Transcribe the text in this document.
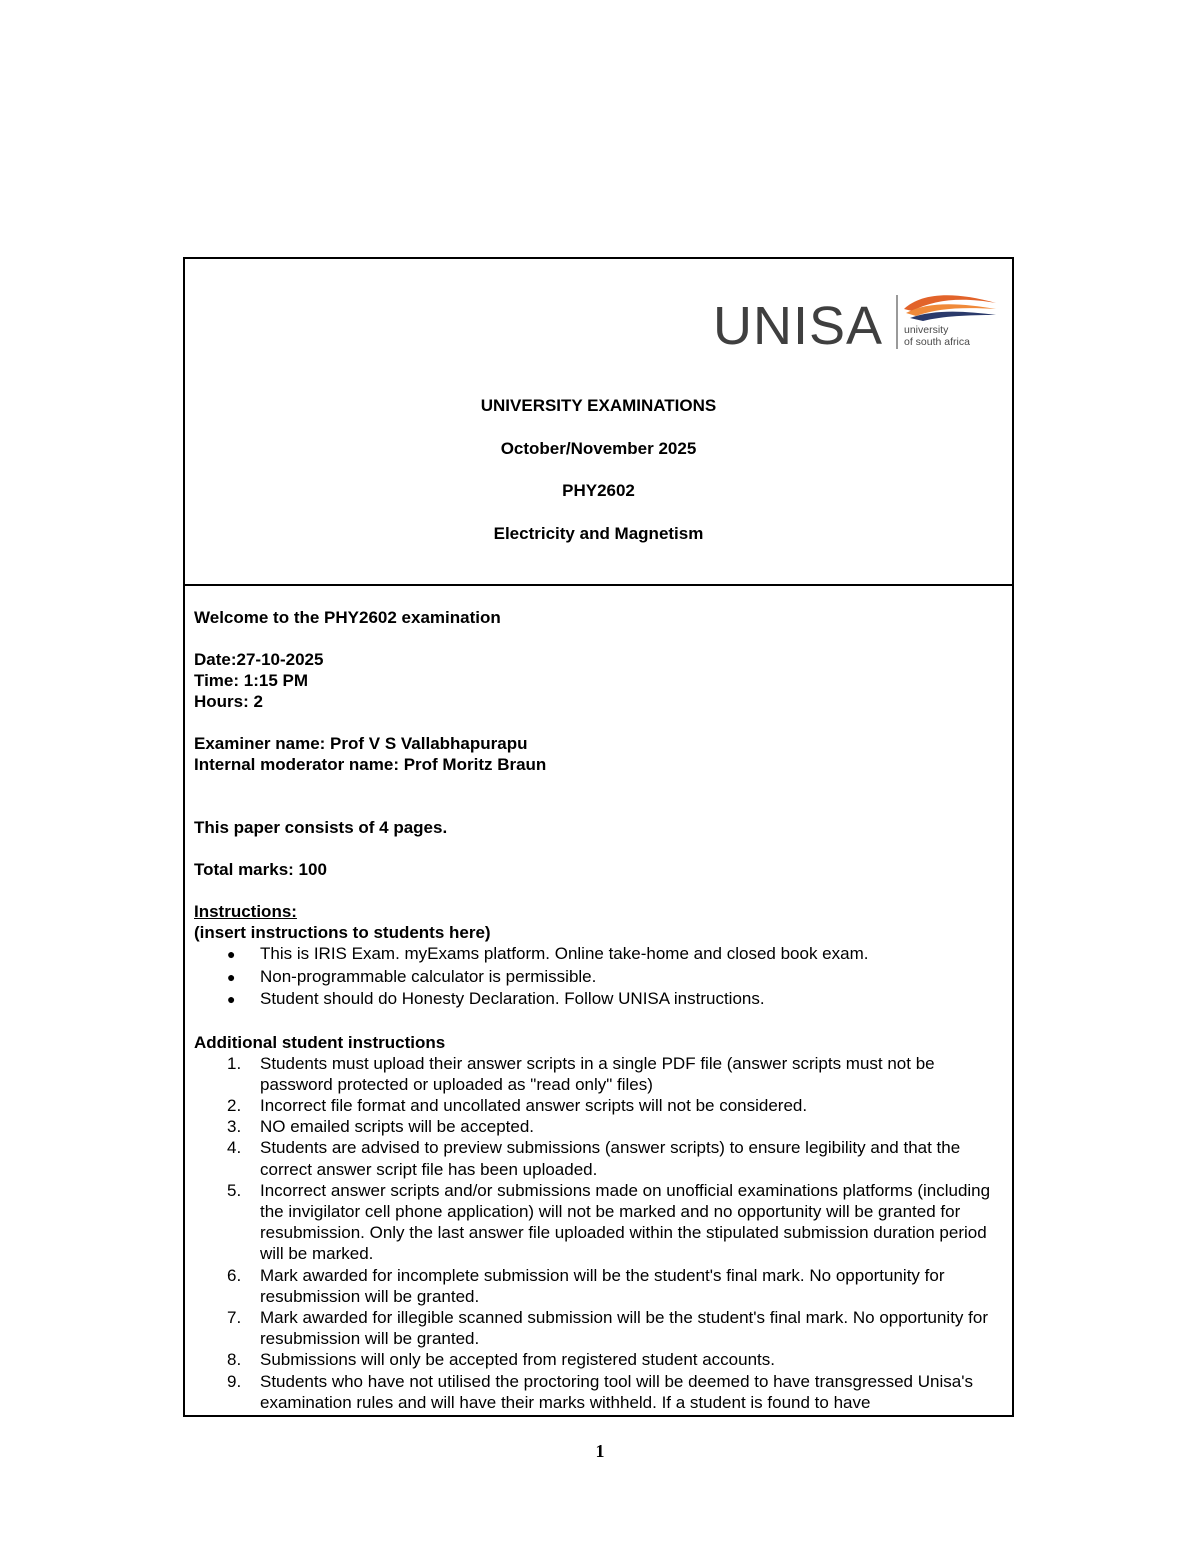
UNISA university
of south africa
UNIVERSITY EXAMINATIONS
October/November 2025
PHY2602
Electricity and Magnetism
Welcome to the PHY2602 examination
Date:27-10-2025
Time: 1:15 PM
Hours: 2
Examiner name: Prof V S Vallabhapurapu
Internal moderator name: Prof Moritz Braun
This paper consists of 4 pages.
Total marks: 100
Instructions:
(insert instructions to students here)
● This is IRIS Exam. myExams platform. Online take-home and closed book exam.
● Non-programmable calculator is permissible.
● Student should do Honesty Declaration. Follow UNISA instructions.
Additional student instructions
1. Students must upload their answer scripts in a single PDF file (answer scripts must not be password protected or uploaded as "read only" files)
2. Incorrect file format and uncollated answer scripts will not be considered.
3. NO emailed scripts will be accepted.
4. Students are advised to preview submissions (answer scripts) to ensure legibility and that the correct answer script file has been uploaded.
5. Incorrect answer scripts and/or submissions made on unofficial examinations platforms (including the invigilator cell phone application) will not be marked and no opportunity will be granted for resubmission. Only the last answer file uploaded within the stipulated submission duration period will be marked.
6. Mark awarded for incomplete submission will be the student's final mark. No opportunity for resubmission will be granted.
7. Mark awarded for illegible scanned submission will be the student's final mark. No opportunity for resubmission will be granted.
8. Submissions will only be accepted from registered student accounts.
9. Students who have not utilised the proctoring tool will be deemed to have transgressed Unisa's examination rules and will have their marks withheld. If a student is found to have
1
